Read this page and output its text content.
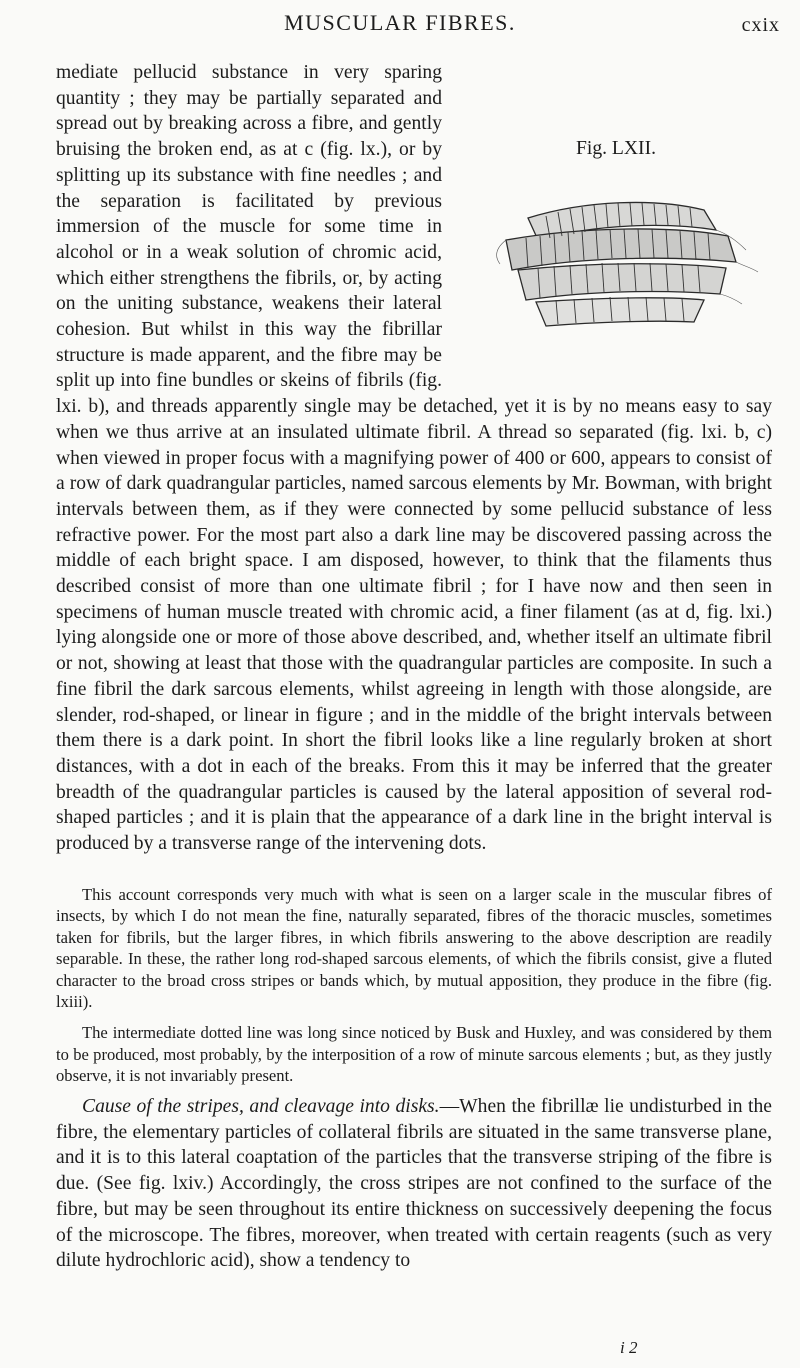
MUSCULAR FIBRES.	cxix
Fig. LXII.

mediate pellucid substance in very sparing quantity ; they may be partially separated and spread out by breaking across a fibre, and gently bruising the broken end, as at c (fig. lx.), or by splitting up its substance with fine needles ; and the separation is facilitated by previous immersion of the muscle for some time in alcohol or in a weak solution of chromic acid, which either strengthens the fibrils, or, by acting on the uniting substance, weakens their lateral cohesion. But whilst in this way the fibrillar structure is made apparent, and the fibre may be split up into fine bundles or skeins of fibrils (fig. lxi. b), and threads apparently single may be detached, yet it is by no means easy to say when we thus arrive at an insulated ultimate fibril. A thread so separated (fig. lxi. b, c) when viewed in proper focus with a magnifying power of 400 or 600, appears to consist of a row of dark quadrangular particles, named sarcous elements by Mr. Bowman, with bright intervals between them, as if they were connected by some pellucid substance of less refractive power. For the most part also a dark line may be discovered passing across the middle of each bright space. I am disposed, however, to think that the filaments thus described consist of more than one ultimate fibril ; for I have now and then seen in specimens of human muscle treated with chromic acid, a finer filament (as at d, fig. lxi.) lying alongside one or more of those above described, and, whether itself an ultimate fibril or not, showing at least that those with the quadrangular particles are composite. In such a fine fibril the dark sarcous elements, whilst agreeing in length with those alongside, are slender, rod-shaped, or linear in figure ; and in the middle of the bright intervals between them there is a dark point. In short the fibril looks like a line regularly broken at short distances, with a dot in each of the breaks. From this it may be inferred that the greater breadth of the quadrangular particles is caused by the lateral apposition of several rod-shaped particles ; and it is plain that the appearance of a dark line in the bright interval is produced by a transverse range of the intervening dots.

This account corresponds very much with what is seen on a larger scale in the muscular fibres of insects, by which I do not mean the fine, naturally separated, fibres of the thoracic muscles, sometimes taken for fibrils, but the larger fibres, in which fibrils answering to the above description are readily separable. In these, the rather long rod-shaped sarcous elements, of which the fibrils consist, give a fluted character to the broad cross stripes or bands which, by mutual apposition, they produce in the fibre (fig. lxiii).

The intermediate dotted line was long since noticed by Busk and Huxley, and was considered by them to be produced, most probably, by the interposition of a row of minute sarcous elements ; but, as they justly observe, it is not invariably present.

Cause of the stripes, and cleavage into disks.—When the fibrillæ lie undisturbed in the fibre, the elementary particles of collateral fibrils are situated in the same transverse plane, and it is to this lateral coaptation of the particles that the transverse striping of the fibre is due. (See fig. lxiv.) Accordingly, the cross stripes are not confined to the surface of the fibre, but may be seen throughout its entire thickness on successively deepening the focus of the microscope. The fibres, moreover, when treated with certain reagents (such as very dilute hydrochloric acid), show a tendency to

i 2
